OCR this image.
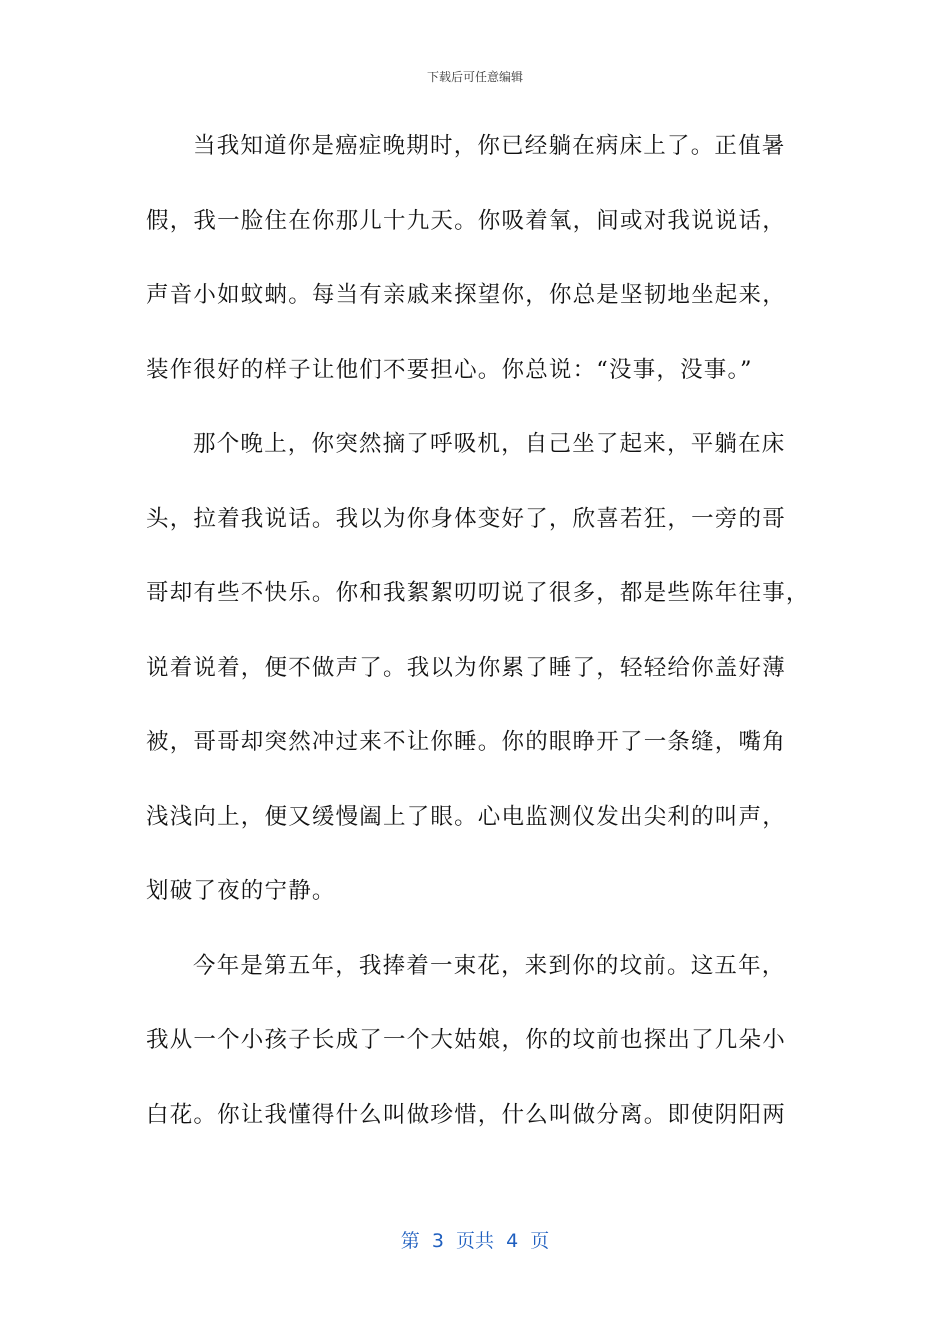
下载后可任意编辑
当我知道你是癌症晚期时，你已经躺在病床上了。正值暑
假，我一脸住在你那儿十九天。你吸着氧，间或对我说说话，
声音小如蚊蚋。每当有亲戚来探望你，你总是坚韧地坐起来，
装作很好的样子让他们不要担心。你总说：“没事，没事。”
那个晚上，你突然摘了呼吸机，自己坐了起来，平躺在床
头，拉着我说话。我以为你身体变好了，欣喜若狂，一旁的哥
哥却有些不快乐。你和我絮絮叨叨说了很多，都是些陈年往事，
说着说着，便不做声了。我以为你累了睡了，轻轻给你盖好薄
被，哥哥却突然冲过来不让你睡。你的眼睁开了一条缝，嘴角
浅浅向上，便又缓慢阖上了眼。心电监测仪发出尖利的叫声，
划破了夜的宁静。
今年是第五年，我捧着一束花，来到你的坟前。这五年，
我从一个小孩子长成了一个大姑娘，你的坟前也探出了几朵小
白花。你让我懂得什么叫做珍惜，什么叫做分离。即使阴阳两
第  3  页共  4  页
